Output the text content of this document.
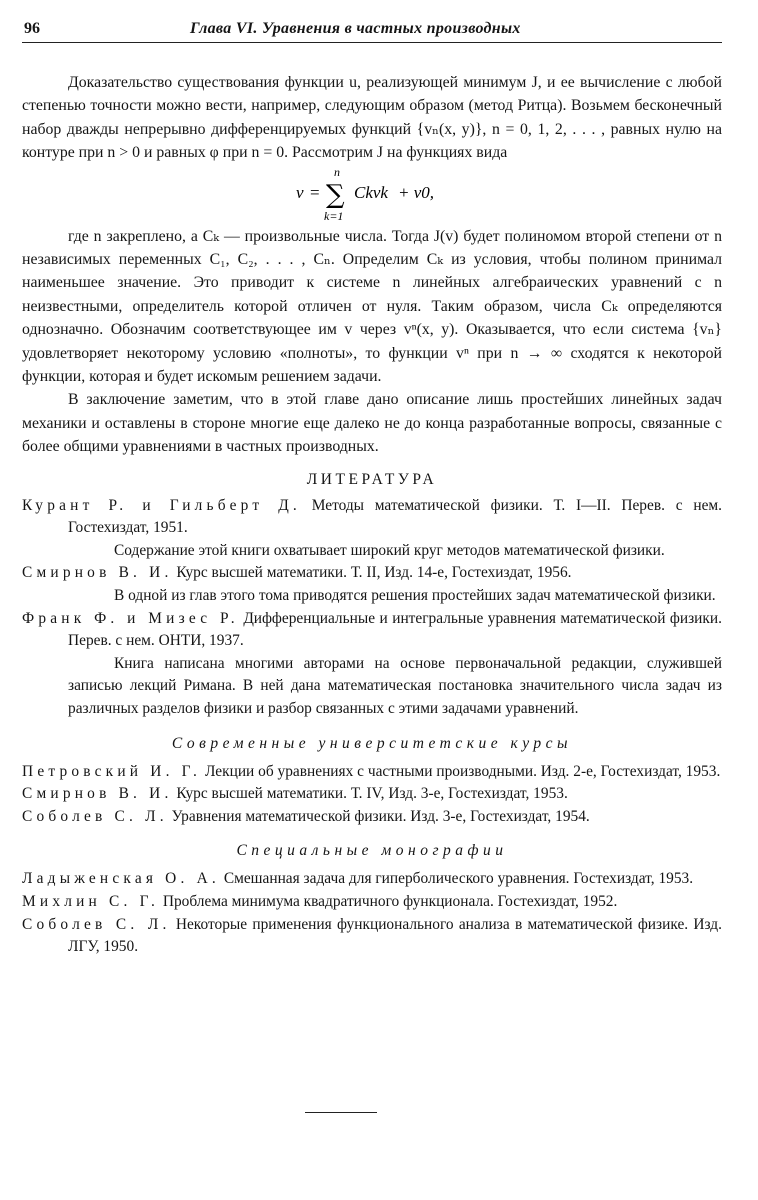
96	Глава VI. Уравнения в частных производных

Доказательство существования функции u, реализующей минимум J, и ее вычисление с любой степенью точности можно вести, например, следующим образом (метод Ритца). Возьмем бесконечный набор дважды непрерывно дифференцируемых функций {vₙ(x, y)}, n = 0, 1, 2, . . . , равных нулю на контуре при n > 0 и равных φ при n = 0. Рассмотрим J на функциях вида

v =
n
∑
k=1
Ckvk + v0,

где n закреплено, а Cₖ — произвольные числа. Тогда J(v) будет полиномом второй степени от n независимых переменных C₁, C₂, . . . , Cₙ. Определим Cₖ из условия, чтобы полином принимал наименьшее значение. Это приводит к системе n линейных алгебраических уравнений с n неизвестными, определитель которой отличен от нуля. Таким образом, числа Cₖ определяются однозначно. Обозначим соответствующее им v через vⁿ(x, y). Оказывается, что если система {vₙ} удовлетворяет некоторому условию «полноты», то функции vⁿ при n → ∞ сходятся к некоторой функции, которая и будет искомым решением задачи.

В заключение заметим, что в этой главе дано описание лишь простейших линейных задач механики и оставлены в стороне многие еще далеко не до конца разработанные вопросы, связанные с более общими уравнениями в частных производных.

ЛИТЕРАТУРА

Курант Р. и Гильберт Д. Методы математической физики. Т. I—II. Перев. с нем. Гостехиздат, 1951.

Содержание этой книги охватывает широкий круг методов математической физики.

Смирнов В. И. Курс высшей математики. Т. II, Изд. 14-е, Гостехиздат, 1956.

В одной из глав этого тома приводятся решения простейших задач математической физики.

Франк Ф. и Мизес Р. Дифференциальные и интегральные уравнения математической физики. Перев. с нем. ОНТИ, 1937.

Книга написана многими авторами на основе первоначальной редакции, служившей записью лекций Римана. В ней дана математическая постановка значительного числа задач из различных разделов физики и разбор связанных с этими задачами уравнений.

Современные университетские курсы

Петровский И. Г. Лекции об уравнениях с частными производными. Изд. 2-е, Гостехиздат, 1953.

Смирнов В. И. Курс высшей математики. Т. IV, Изд. 3-е, Гостехиздат, 1953.

Соболев С. Л. Уравнения математической физики. Изд. 3-е, Гостехиздат, 1954.

Специальные монографии

Ладыженская О. А. Смешанная задача для гиперболического уравнения. Гостехиздат, 1953.

Михлин С. Г. Проблема минимума квадратичного функционала. Гостехиздат, 1952.

Соболев С. Л. Некоторые применения функционального анализа в математической физике. Изд. ЛГУ, 1950.
